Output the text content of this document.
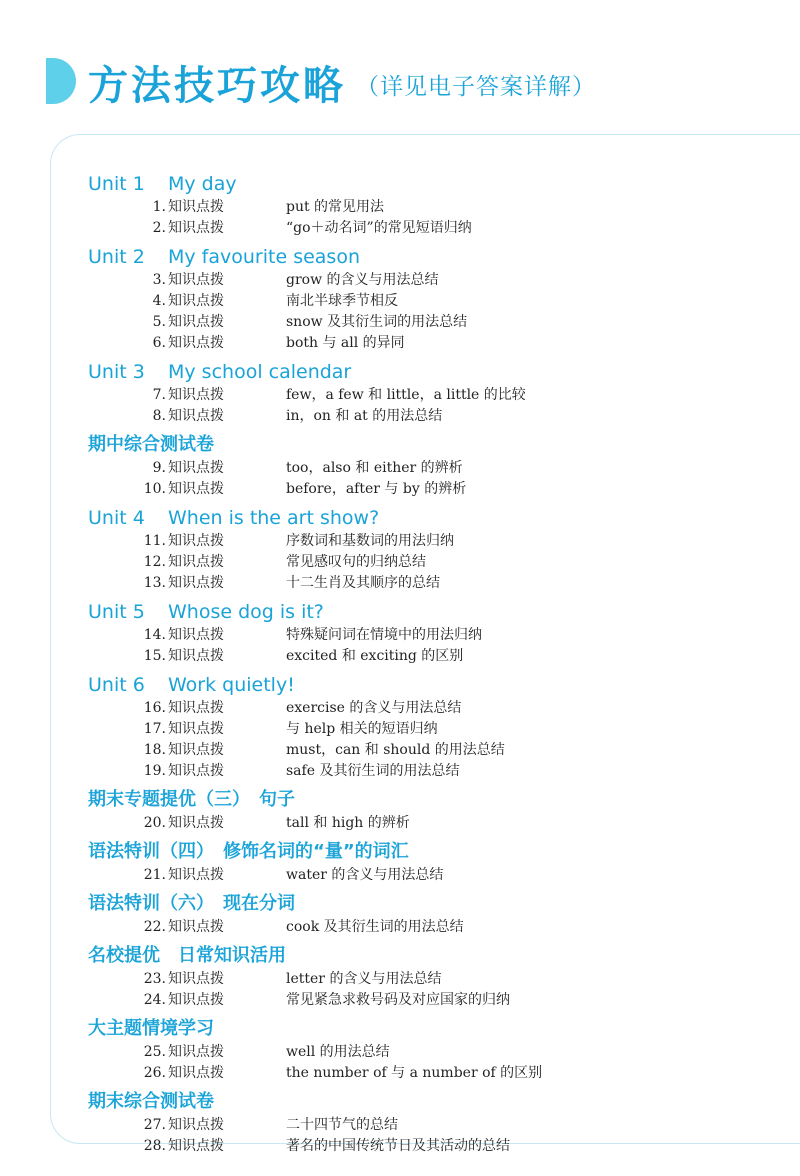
方法技巧攻略 （详见电子答案详解）
Unit 1	My day
1. 知识点拨	put 的常见用法
2. 知识点拨	“go＋动名词”的常见短语归纳
Unit 2	My favourite season
3. 知识点拨	grow 的含义与用法总结
4. 知识点拨	南北半球季节相反
5. 知识点拨	snow 及其衍生词的用法总结
6. 知识点拨	both 与 all 的异同
Unit 3	My school calendar
7. 知识点拨	few，a few 和 little，a little 的比较
8. 知识点拨	in，on 和 at 的用法总结
期中综合测试卷
9. 知识点拨	too，also 和 either 的辨析
10. 知识点拨	before，after 与 by 的辨析
Unit 4	When is the art show?
11. 知识点拨	序数词和基数词的用法归纳
12. 知识点拨	常见感叹句的归纳总结
13. 知识点拨	十二生肖及其顺序的总结
Unit 5	Whose dog is it?
14. 知识点拨	特殊疑问词在情境中的用法归纳
15. 知识点拨	excited 和 exciting 的区别
Unit 6	Work quietly!
16. 知识点拨	exercise 的含义与用法总结
17. 知识点拨	与 help 相关的短语归纳
18. 知识点拨	must，can 和 should 的用法总结
19. 知识点拨	safe 及其衍生词的用法总结
期末专题提优（三）　句子
20. 知识点拨	tall 和 high 的辨析
语法特训（四）　修饰名词的“量”的词汇
21. 知识点拨	water 的含义与用法总结
语法特训（六）　现在分词
22. 知识点拨	cook 及其衍生词的用法总结
名校提优　日常知识活用
23. 知识点拨	letter 的含义与用法总结
24. 知识点拨	常见紧急求救号码及对应国家的归纳
大主题情境学习
25. 知识点拨	well 的用法总结
26. 知识点拨	the number of 与 a number of 的区别
期末综合测试卷
27. 知识点拨	二十四节气的总结
28. 知识点拨	著名的中国传统节日及其活动的总结
